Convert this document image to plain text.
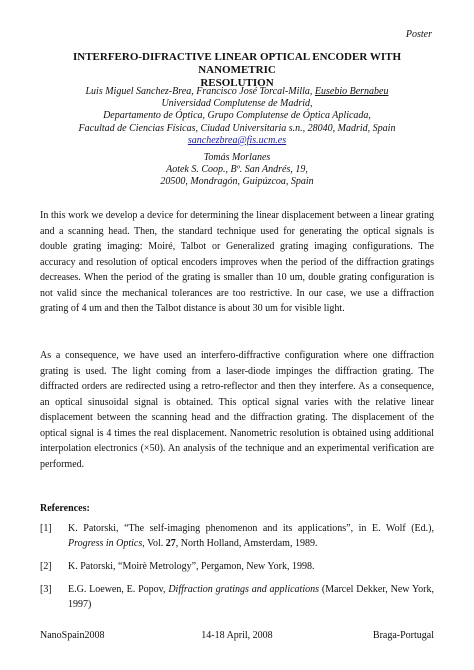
Poster
INTERFERO-DIFRACTIVE LINEAR OPTICAL ENCODER WITH NANOMETRIC
RESOLUTION
Luis Miguel Sanchez-Brea, Francisco José Torcal-Milla, Eusebio Bernabeu
Universidad Complutense de Madrid,
Departamento de Óptica, Grupo Complutense de Óptica Aplicada,
Facultad de Ciencias Físicas, Ciudad Universitaria s.n., 28040, Madrid, Spain
sanchezbrea@fis.ucm.es
Tomás Morlanes
Aotek S. Coop., Bº. San Andrés, 19,
20500, Mondragón, Guipúzcoa, Spain
In this work we develop a device for determining the linear displacement between a linear grating and a scanning head. Then, the standard technique used for generating the optical signals is double grating imaging: Moiré, Talbot or Generalized grating imaging configurations. The accuracy and resolution of optical encoders improves when the period of the diffraction gratings decreases. When the period of the grating is smaller than 10 um, double grating configuration is not valid since the mechanical tolerances are too restrictive. In our case, we use a diffraction grating of 4 um and then the Talbot distance is about 30 um for visible light.
As a consequence, we have used an interfero-diffractive configuration where one diffraction grating is used. The light coming from a laser-diode impinges the diffraction grating. The diffracted orders are redirected using a retro-reflector and then they interfere. As a consequence, an optical sinusoidal signal is obtained. This optical signal varies with the relative linear displacement between the scanning head and the diffraction grating. The displacement of the optical signal is 4 times the real displacement. Nanometric resolution is obtained using additional interpolation electronics (×50). An analysis of the technique and an experimental verification are performed.
References:
[1]	K. Patorski, “The self-imaging phenomenon and its applications”, in E. Wolf (Ed.), Progress in Optics, Vol. 27, North Holland, Amsterdam, 1989.
[2]	K. Patorski, “Moirè Metrology”, Pergamon, New York, 1998.
[3]	E.G. Loewen, E. Popov, Diffraction gratings and applications (Marcel Dekker, New York, 1997)
NanoSpain2008	14-18 April, 2008	Braga-Portugal
